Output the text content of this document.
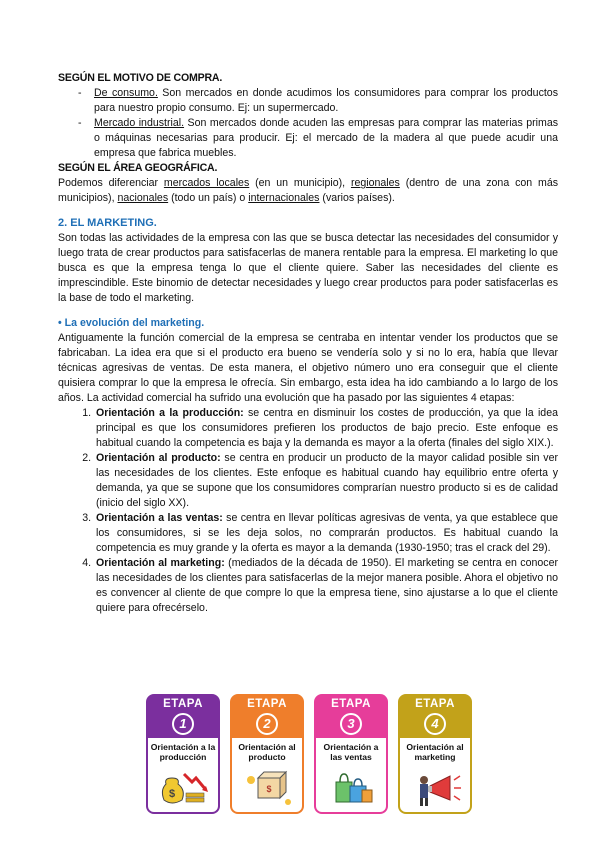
SEGÚN EL MOTIVO DE COMPRA.
- De consumo. Son mercados en donde acudimos los consumidores para comprar los productos para nuestro propio consumo. Ej: un supermercado.
- Mercado industrial. Son mercados donde acuden las empresas para comprar las materias primas o máquinas necesarias para producir. Ej: el mercado de la madera al que puede acudir una empresa que fabrica muebles.
SEGÚN EL ÁREA GEOGRÁFICA.

Podemos diferenciar mercados locales (en un municipio), regionales (dentro de una zona con más municipios), nacionales (todo un país) o internacionales (varios países).

2. EL MARKETING.

Son todas las actividades de la empresa con las que se busca detectar las necesidades del consumidor y luego trata de crear productos para satisfacerlas de manera rentable para la empresa. El marketing lo que busca es que la empresa tenga lo que el cliente quiere. Saber las necesidades del cliente es imprescindible. Este binomio de detectar necesidades y luego crear productos para poder satisfacerlas es la base de todo el marketing.

• La evolución del marketing.

Antiguamente la función comercial de la empresa se centraba en intentar vender los productos que se fabricaban. La idea era que si el producto era bueno se vendería solo y si no lo era, había que llevar técnicas agresivas de ventas. De esta manera, el objetivo número uno era conseguir que el cliente quisiera comprar lo que la empresa le ofrecía. Sin embargo, esta idea ha ido cambiando a lo largo de los años. La actividad comercial ha sufrido una evolución que ha pasado por las siguientes 4 etapas:

1. Orientación a la producción: se centra en disminuir los costes de producción, ya que la idea principal es que los consumidores prefieren los productos de bajo precio. Este enfoque es habitual cuando la competencia es baja y la demanda es mayor a la oferta (finales del siglo XIX.).
2. Orientación al producto: se centra en producir un producto de la mayor calidad posible sin ver las necesidades de los clientes. Este enfoque es habitual cuando hay equilibrio entre oferta y demanda, ya que se supone que los consumidores comprarían nuestro producto si es de calidad (inicio del siglo XX).
3. Orientación a las ventas: se centra en llevar políticas agresivas de venta, ya que establece que los consumidores, si se les deja solos, no comprarán productos. Es habitual cuando la competencia es muy grande y la oferta es mayor a la demanda (1930-1950; tras el crack del 29).
4. Orientación al marketing: (mediados de la década de 1950). El marketing se centra en conocer las necesidades de los clientes para satisfacerlas de la mejor manera posible. Ahora el objetivo no es convencer al cliente de que compre lo que la empresa tiene, sino ajustarse a lo que el cliente quiere para ofrecérselo.
ETAPA
1
Orientación a la producción
$
ETAPA
2
Orientación al producto
$
ETAPA
3
Orientación a las ventas
ETAPA
4
Orientación al marketing
